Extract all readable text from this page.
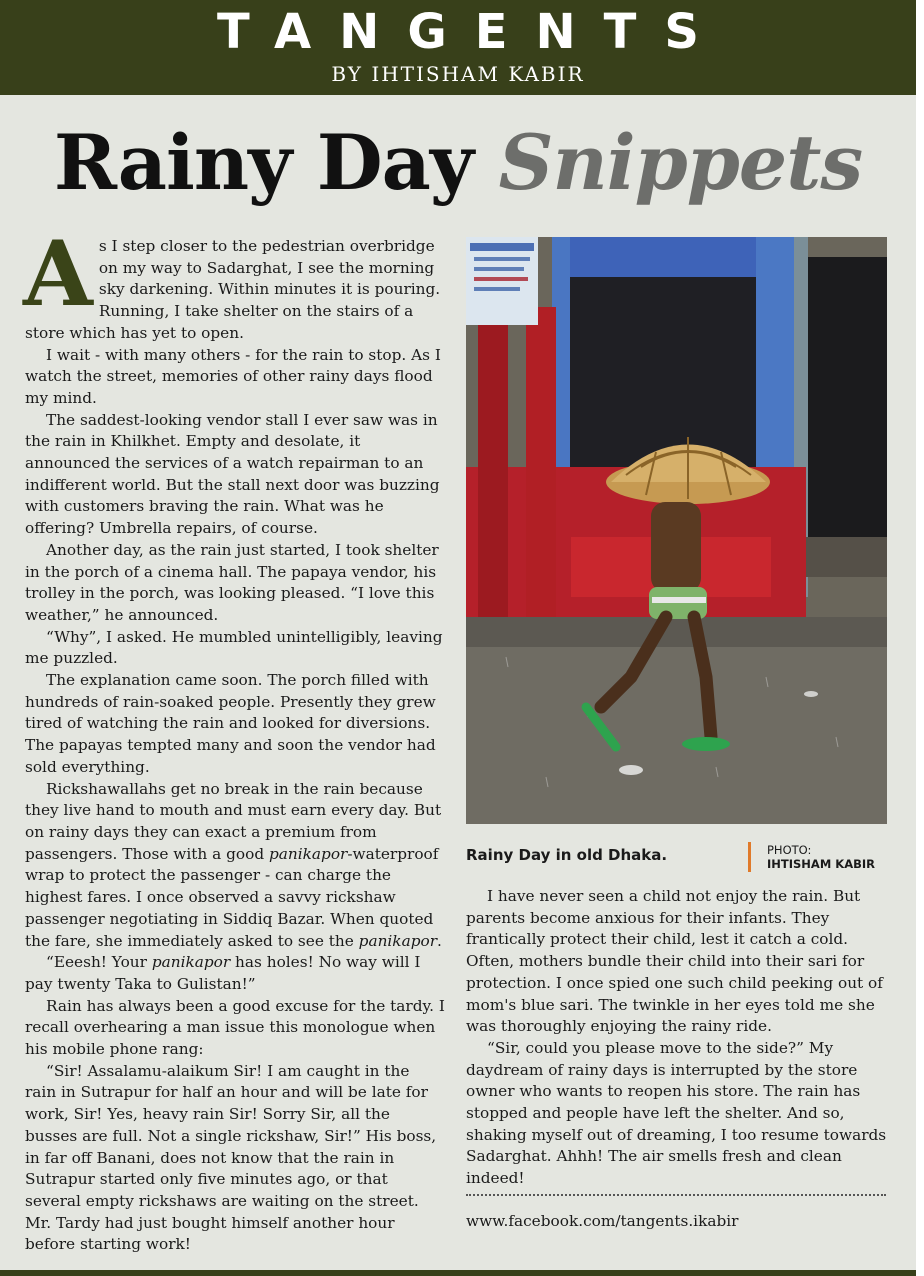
TANGENTS
BY IHTISHAM KABIR
Rainy Day Snippets

As I step closer to the pedestrian overbridge on my way to Sadarghat, I see the morning sky darkening. Within minutes it is pouring. Running, I take shelter on the stairs of a store which has yet to open.

I wait - with many others - for the rain to stop. As I watch the street, memories of other rainy days flood my mind.

The saddest-looking vendor stall I ever saw was in the rain in Khilkhet. Empty and desolate, it announced the services of a watch repairman to an indifferent world. But the stall next door was buzzing with customers braving the rain. What was he offering? Umbrella repairs, of course.

Another day, as the rain just started, I took shelter in the porch of a cinema hall. The papaya vendor, his trolley in the porch, was looking pleased. “I love this weather,” he announced.

“Why”, I asked. He mumbled unintelligibly, leaving me puzzled.

The explanation came soon. The porch filled with hundreds of rain-soaked people. Presently they grew tired of watching the rain and looked for diversions. The papayas tempted many and soon the vendor had sold everything.

Rickshawallahs get no break in the rain because they live hand to mouth and must earn every day. But on rainy days they can exact a premium from passengers. Those with a good panikapor-waterproof wrap to protect the passenger - can charge the highest fares. I once observed a savvy rickshaw passenger negotiating in Siddiq Bazar. When quoted the fare, she immediately asked to see the panikapor.

“Eeesh! Your panikapor has holes! No way will I pay twenty Taka to Gulistan!”

Rain has always been a good excuse for the tardy. I recall overhearing a man issue this monologue when his mobile phone rang:

“Sir! Assalamu-alaikum Sir! I am caught in the rain in Sutrapur for half an hour and will be late for work, Sir! Yes, heavy rain Sir! Sorry Sir, all the busses are full. Not a single rickshaw, Sir!” His boss, in far off Banani, does not know that the rain in Sutrapur started only five minutes ago, or that several empty rickshaws are waiting on the street. Mr. Tardy had just bought himself another hour before starting work!

Rainy Day in old Dhaka.	PHOTO:
IHTISHAM KABIR

I have never seen a child not enjoy the rain. But parents become anxious for their infants. They frantically protect their child, lest it catch a cold. Often, mothers bundle their child into their sari for protection. I once spied one such child peeking out of mom's blue sari. The twinkle in her eyes told me she was thoroughly enjoying the rainy ride.

“Sir, could you please move to the side?” My daydream of rainy days is interrupted by the store owner who wants to reopen his store. The rain has stopped and people have left the shelter. And so, shaking myself out of dreaming, I too resume towards Sadarghat. Ahhh! The air smells fresh and clean indeed!

www.facebook.com/tangents.ikabir
